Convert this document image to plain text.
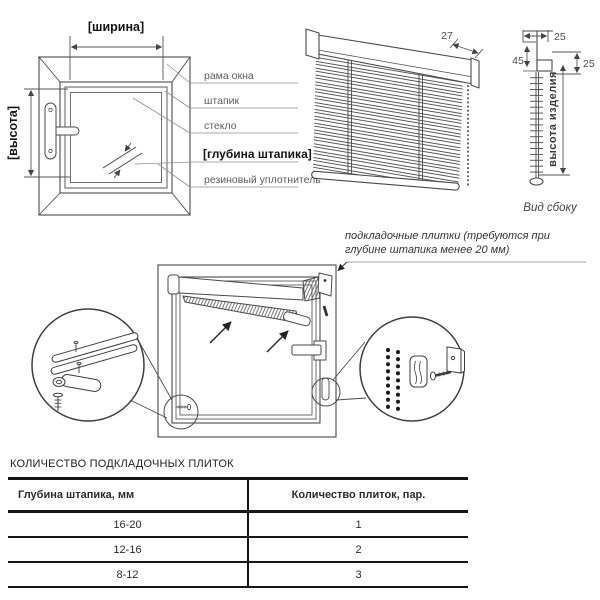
[ширина]
[высота]
рама окна
штапик
стекло
[глубина штапика]
резиновый уплотнитель
27	25
45	25
высота изделия
Вид сбоку
подкладочные плитки (требуются при глубине штапика менее 20 мм)

КОЛИЧЕСТВО ПОДКЛАДОЧНЫХ ПЛИТОК

Глубина штапика, мм	Количество плиток, пар.
16-20	1
12-16	2
8-12	3
